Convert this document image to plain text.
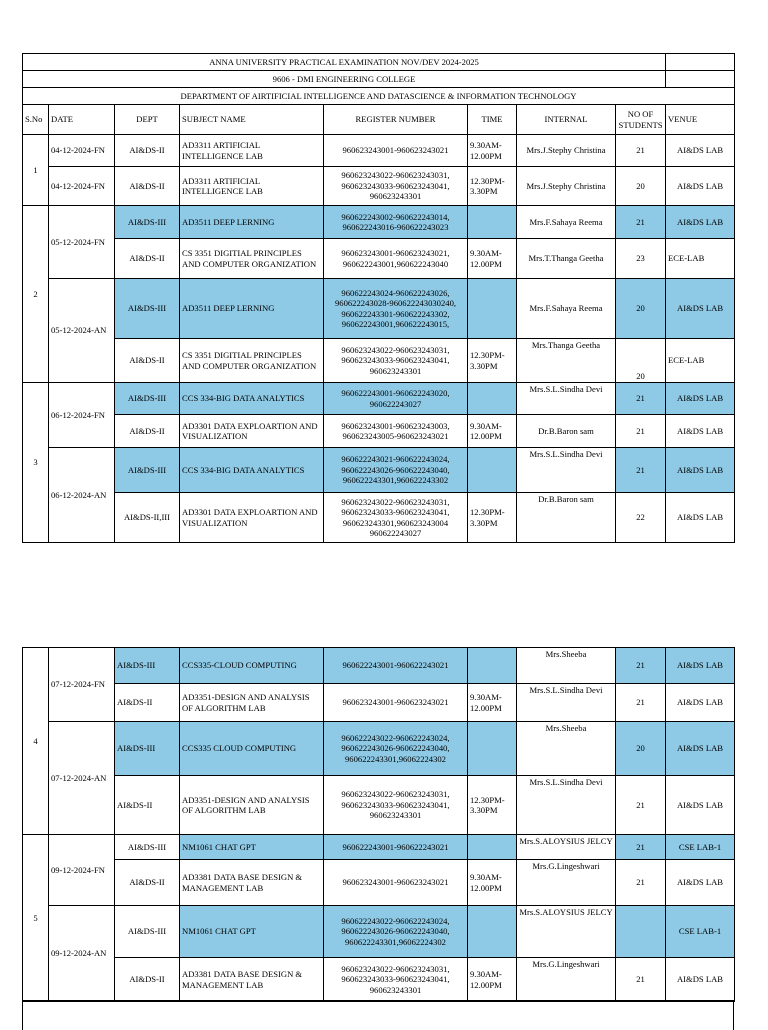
ANNA UNIVERSITY PRACTICAL EXAMINATION NOV/DEV 2024-2025								
9606 - DMI ENGINEERING COLLEGE								
DEPARTMENT OF AIRTIFICIAL INTELLIGENCE AND DATASCIENCE & INFORMATION TECHNOLOGY								
S.No	DATE	DEPT	SUBJECT NAME	REGISTER NUMBER	TIME	INTERNAL	NO OF STUDENTS	VENUE
1	04-12-2024-FN	AI&DS-II	AD3311 ARTIFICIAL INTELLIGENCE LAB	960623243001-960623243021	9.30AM-12.00PM	Mrs.J.Stephy Christina	21	AI&DS LAB
	04-12-2024-FN	AI&DS-II	AD3311 ARTIFICIAL INTELLIGENCE LAB	960623243022-960623243031, 960623243033-960623243041, 960623243301	12.30PM-3.30PM	Mrs.J.Stephy Christina	20	AI&DS LAB
2	05-12-2024-FN	AI&DS-III	AD3511 DEEP LERNING	960622243002-960622243014, 960622243016-960622243023		Mrs.F.Sahaya Reema	21	AI&DS LAB
		AI&DS-II	CS 3351 DIGITIAL PRINCIPLES AND COMPUTER ORGANIZATION	960623243001-960623243021, 960622243001,960622243040	9.30AM-12.00PM	Mrs.T.Thanga Geetha	23	ECE-LAB
	05-12-2024-AN	AI&DS-III	AD3511 DEEP LERNING	960622243024-960622243026, 960622243028-960622243030240, 960622243301-960622243302, 960622243001,960622243015,		Mrs.F.Sahaya Reema	20	AI&DS LAB
		AI&DS-II	CS 3351 DIGITIAL PRINCIPLES AND COMPUTER ORGANIZATION	960623243022-960623243031, 960623243033-960623243041, 960623243301	12.30PM-3.30PM	Mrs.Thanga Geetha	20	ECE-LAB
3	06-12-2024-FN	AI&DS-III	CCS 334-BIG DATA ANALYTICS	960622243001-960622243020, 960622243027		Mrs.S.L.Sindha Devi	21	AI&DS LAB
		AI&DS-II	AD3301 DATA EXPLOARTION AND VISUALIZATION	960623243001-960623243003, 960623243005-960623243021	9.30AM-12.00PM	Dr.B.Baron sam	21	AI&DS LAB
	06-12-2024-AN	AI&DS-III	CCS 334-BIG DATA ANALYTICS	960622243021-960622243024, 960622243026-960622243040, 960622243301,960622243302		Mrs.S.L.Sindha Devi	21	AI&DS LAB
		AI&DS-II,III	AD3301 DATA EXPLOARTION AND VISUALIZATION	960623243022-960623243031, 960623243033-960623243041, 960623243301,960623243004 960622243027	12.30PM-3.30PM	Dr.B.Baron sam	22	AI&DS LAB
4	07-12-2024-FN	AI&DS-III	CCS335-CLOUD COMPUTING	960622243001-960622243021		Mrs.Sheeba	21	AI&DS LAB
		AI&DS-II	AD3351-DESIGN AND ANALYSIS OF ALGORITHM LAB	960623243001-960623243021	9.30AM-12.00PM	Mrs.S.L.Sindha Devi	21	AI&DS LAB
	07-12-2024-AN	AI&DS-III	CCS335 CLOUD COMPUTING	960622243022-960622243024, 960622243026-960622243040, 960622243301,96062224302		Mrs.Sheeba	20	AI&DS LAB
		AI&DS-II	AD3351-DESIGN AND ANALYSIS OF ALGORITHM LAB	960623243022-960623243031, 960623243033-960623243041, 960623243301	12.30PM-3.30PM	Mrs.S.L.Sindha Devi	21	AI&DS LAB
5	09-12-2024-FN	AI&DS-III	NM1061 CHAT GPT	960622243001-960622243021		Mrs.S.ALOYSIUS JELCY	21	CSE LAB-1
		AI&DS-II	AD3381 DATA BASE DESIGN & MANAGEMENT LAB	960623243001-960623243021	9.30AM-12.00PM	Mrs.G.Lingeshwari	21	AI&DS LAB
	09-12-2024-AN	AI&DS-III	NM1061 CHAT GPT	960622243022-960622243024, 960622243026-960622243040, 960622243301,96062224302		Mrs.S.ALOYSIUS JELCY		CSE LAB-1
		AI&DS-II	AD3381 DATA BASE DESIGN & MANAGEMENT LAB	960623243022-960623243031, 960623243033-960623243041, 960623243301	9.30AM-12.00PM	Mrs.G.Lingeshwari	21	AI&DS LAB
